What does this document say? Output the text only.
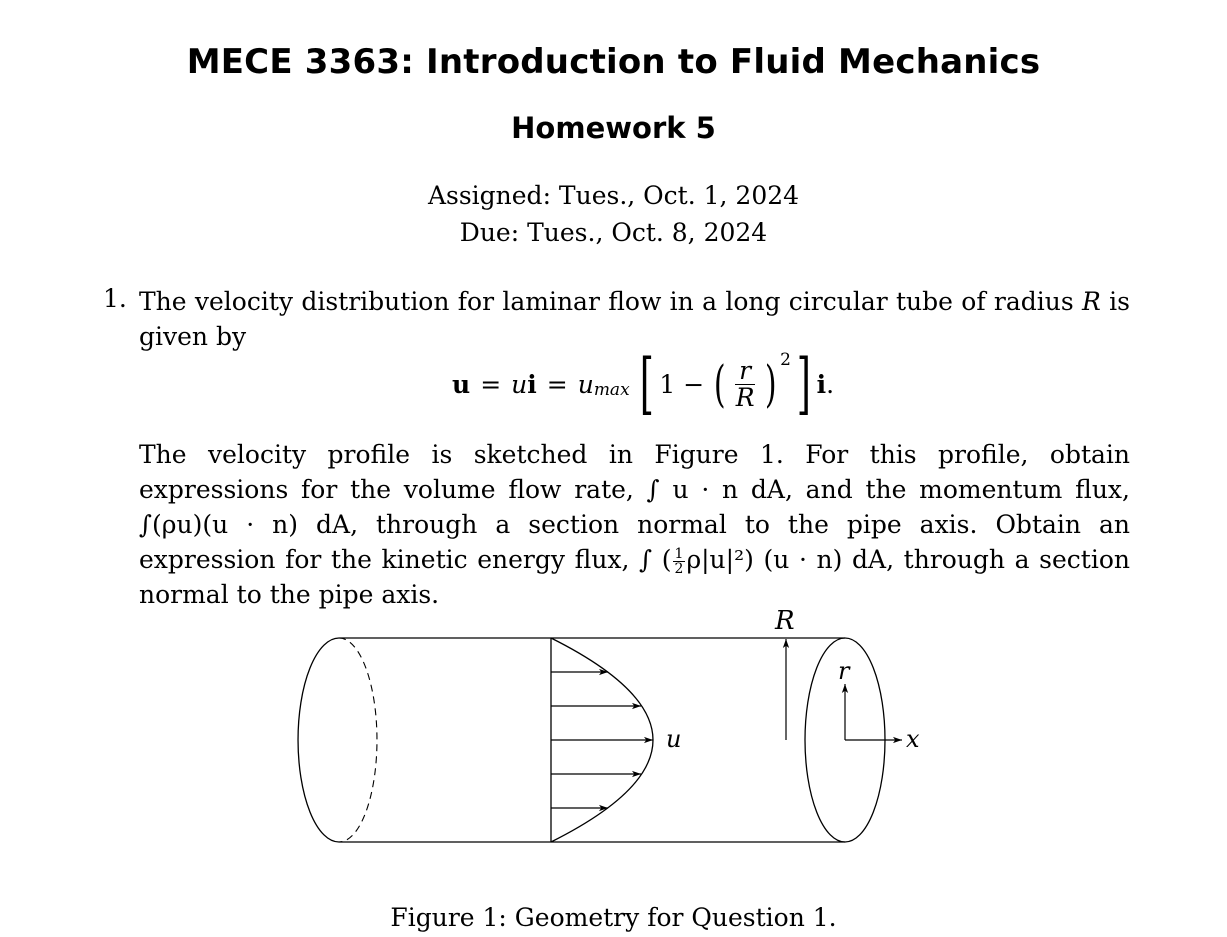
MECE 3363: Introduction to Fluid Mechanics
Homework 5
Assigned: Tues., Oct. 1, 2024
Due: Tues., Oct. 8, 2024
1. The velocity distribution for laminar flow in a long circular tube of radius R is given by
u = u i = u max [ 1 − ( $\frac{r}{R}$ ) 2 ] i .
The velocity profile is sketched in Figure 1. For this profile, obtain expressions for the volume flow rate, ∫ u · n dA, and the momentum flux, ∫(ρu)(u · n) dA, through a section normal to the pipe axis. Obtain an expression for the kinetic energy flux, ∫ ( $\frac{1}{2} \rho|u|^2$) (u · n) dA, through a section normal to the pipe axis.
R
r
u	x
Figure 1: Geometry for Question 1.
